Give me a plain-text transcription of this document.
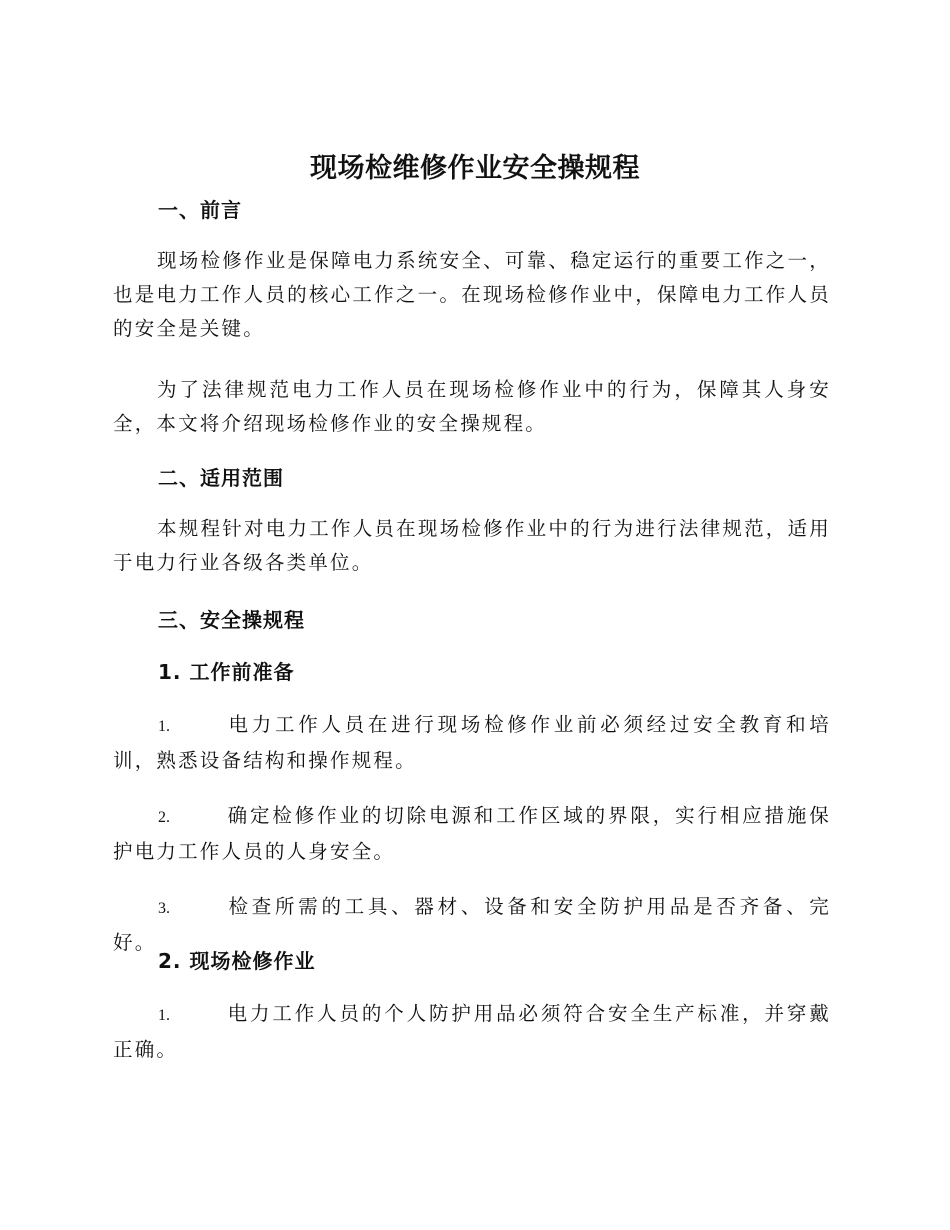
现场检维修作业安全操规程
一、前言
现场检修作业是保障电力系统安全、可靠、稳定运行的重要工作之一，也是电力工作人员的核心工作之一。在现场检修作业中，保障电力工作人员的安全是关键。
为了法律规范电力工作人员在现场检修作业中的行为，保障其人身安全，本文将介绍现场检修作业的安全操规程。
二、适用范围
本规程针对电力工作人员在现场检修作业中的行为进行法律规范，适用于电力行业各级各类单位。
三、安全操规程
1. 工作前准备
1.	电力工作人员在进行现场检修作业前必须经过安全教育和培训，熟悉设备结构和操作规程。
2.	确定检修作业的切除电源和工作区域的界限，实行相应措施保护电力工作人员的人身安全。
3.	检查所需的工具、器材、设备和安全防护用品是否齐备、完好。
2. 现场检修作业
1.	电力工作人员的个人防护用品必须符合安全生产标准，并穿戴正确。
